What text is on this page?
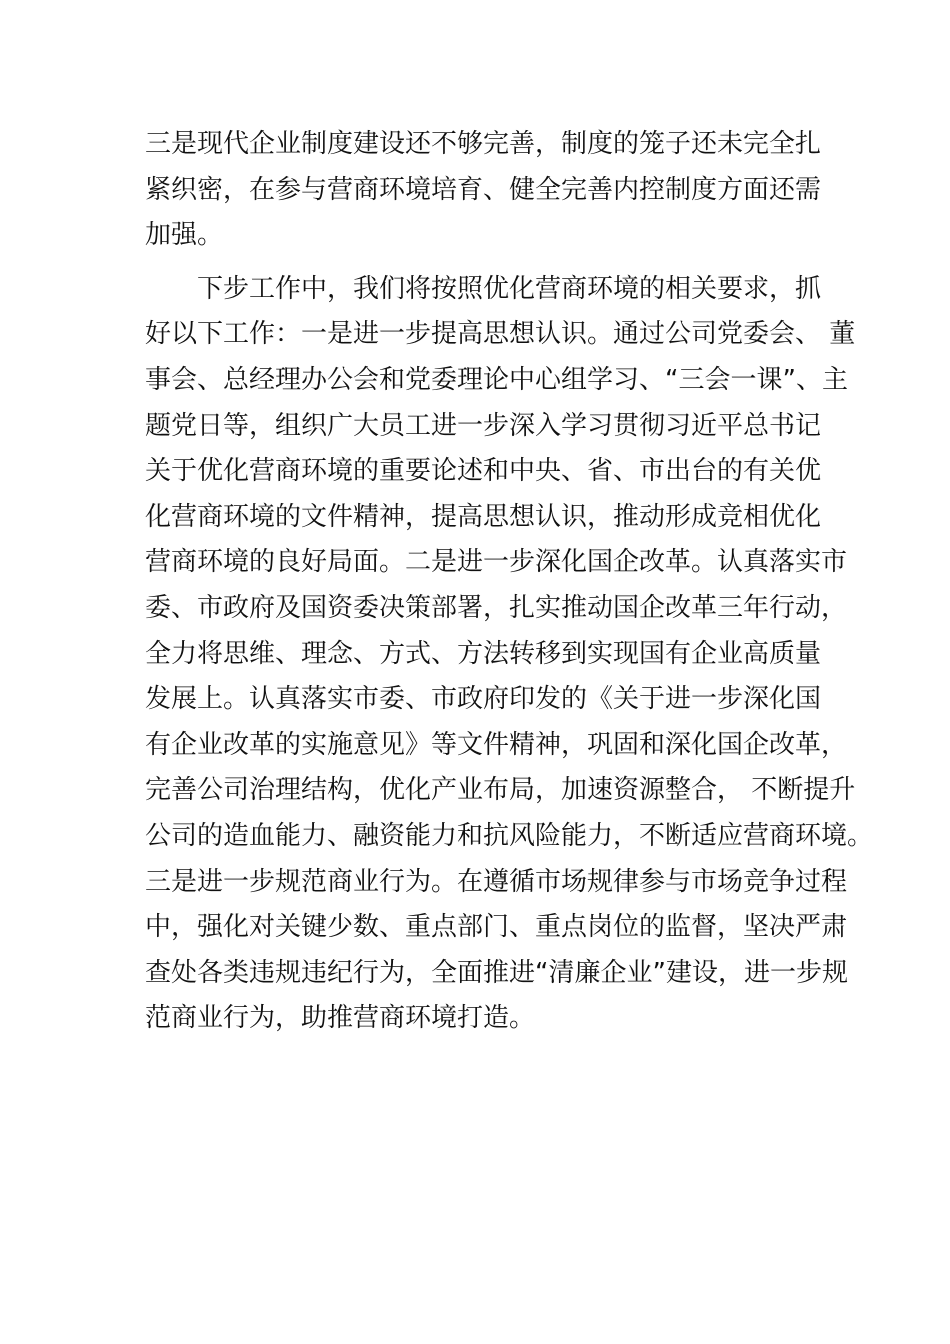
三是现代企业制度建设还不够完善，制度的笼子还未完全扎
紧织密，在参与营商环境培育、健全完善内控制度方面还需
加强。
　　下步工作中，我们将按照优化营商环境的相关要求，抓
好以下工作：一是进一步提高思想认识。通过公司党委会、 董
事会、总经理办公会和党委理论中心组学习、“三会一课”、主
题党日等，组织广大员工进一步深入学习贯彻习近平总书记
关于优化营商环境的重要论述和中央、省、市出台的有关优
化营商环境的文件精神，提高思想认识，推动形成竞相优化
营商环境的良好局面。二是进一步深化国企改革。认真落实市
委、市政府及国资委决策部署，扎实推动国企改革三年行动，
全力将思维、理念、方式、方法转移到实现国有企业高质量
发展上。认真落实市委、市政府印发的《关于进一步深化国
有企业改革的实施意见》等文件精神，巩固和深化国企改革，
完善公司治理结构，优化产业布局，加速资源整合， 不断提升
公司的造血能力、融资能力和抗风险能力，不断适应营商环境。
三是进一步规范商业行为。在遵循市场规律参与市场竞争过程
中，强化对关键少数、重点部门、重点岗位的监督，坚决严肃
查处各类违规违纪行为，全面推进“清廉企业”建设，进一步规
范商业行为，助推营商环境打造。
